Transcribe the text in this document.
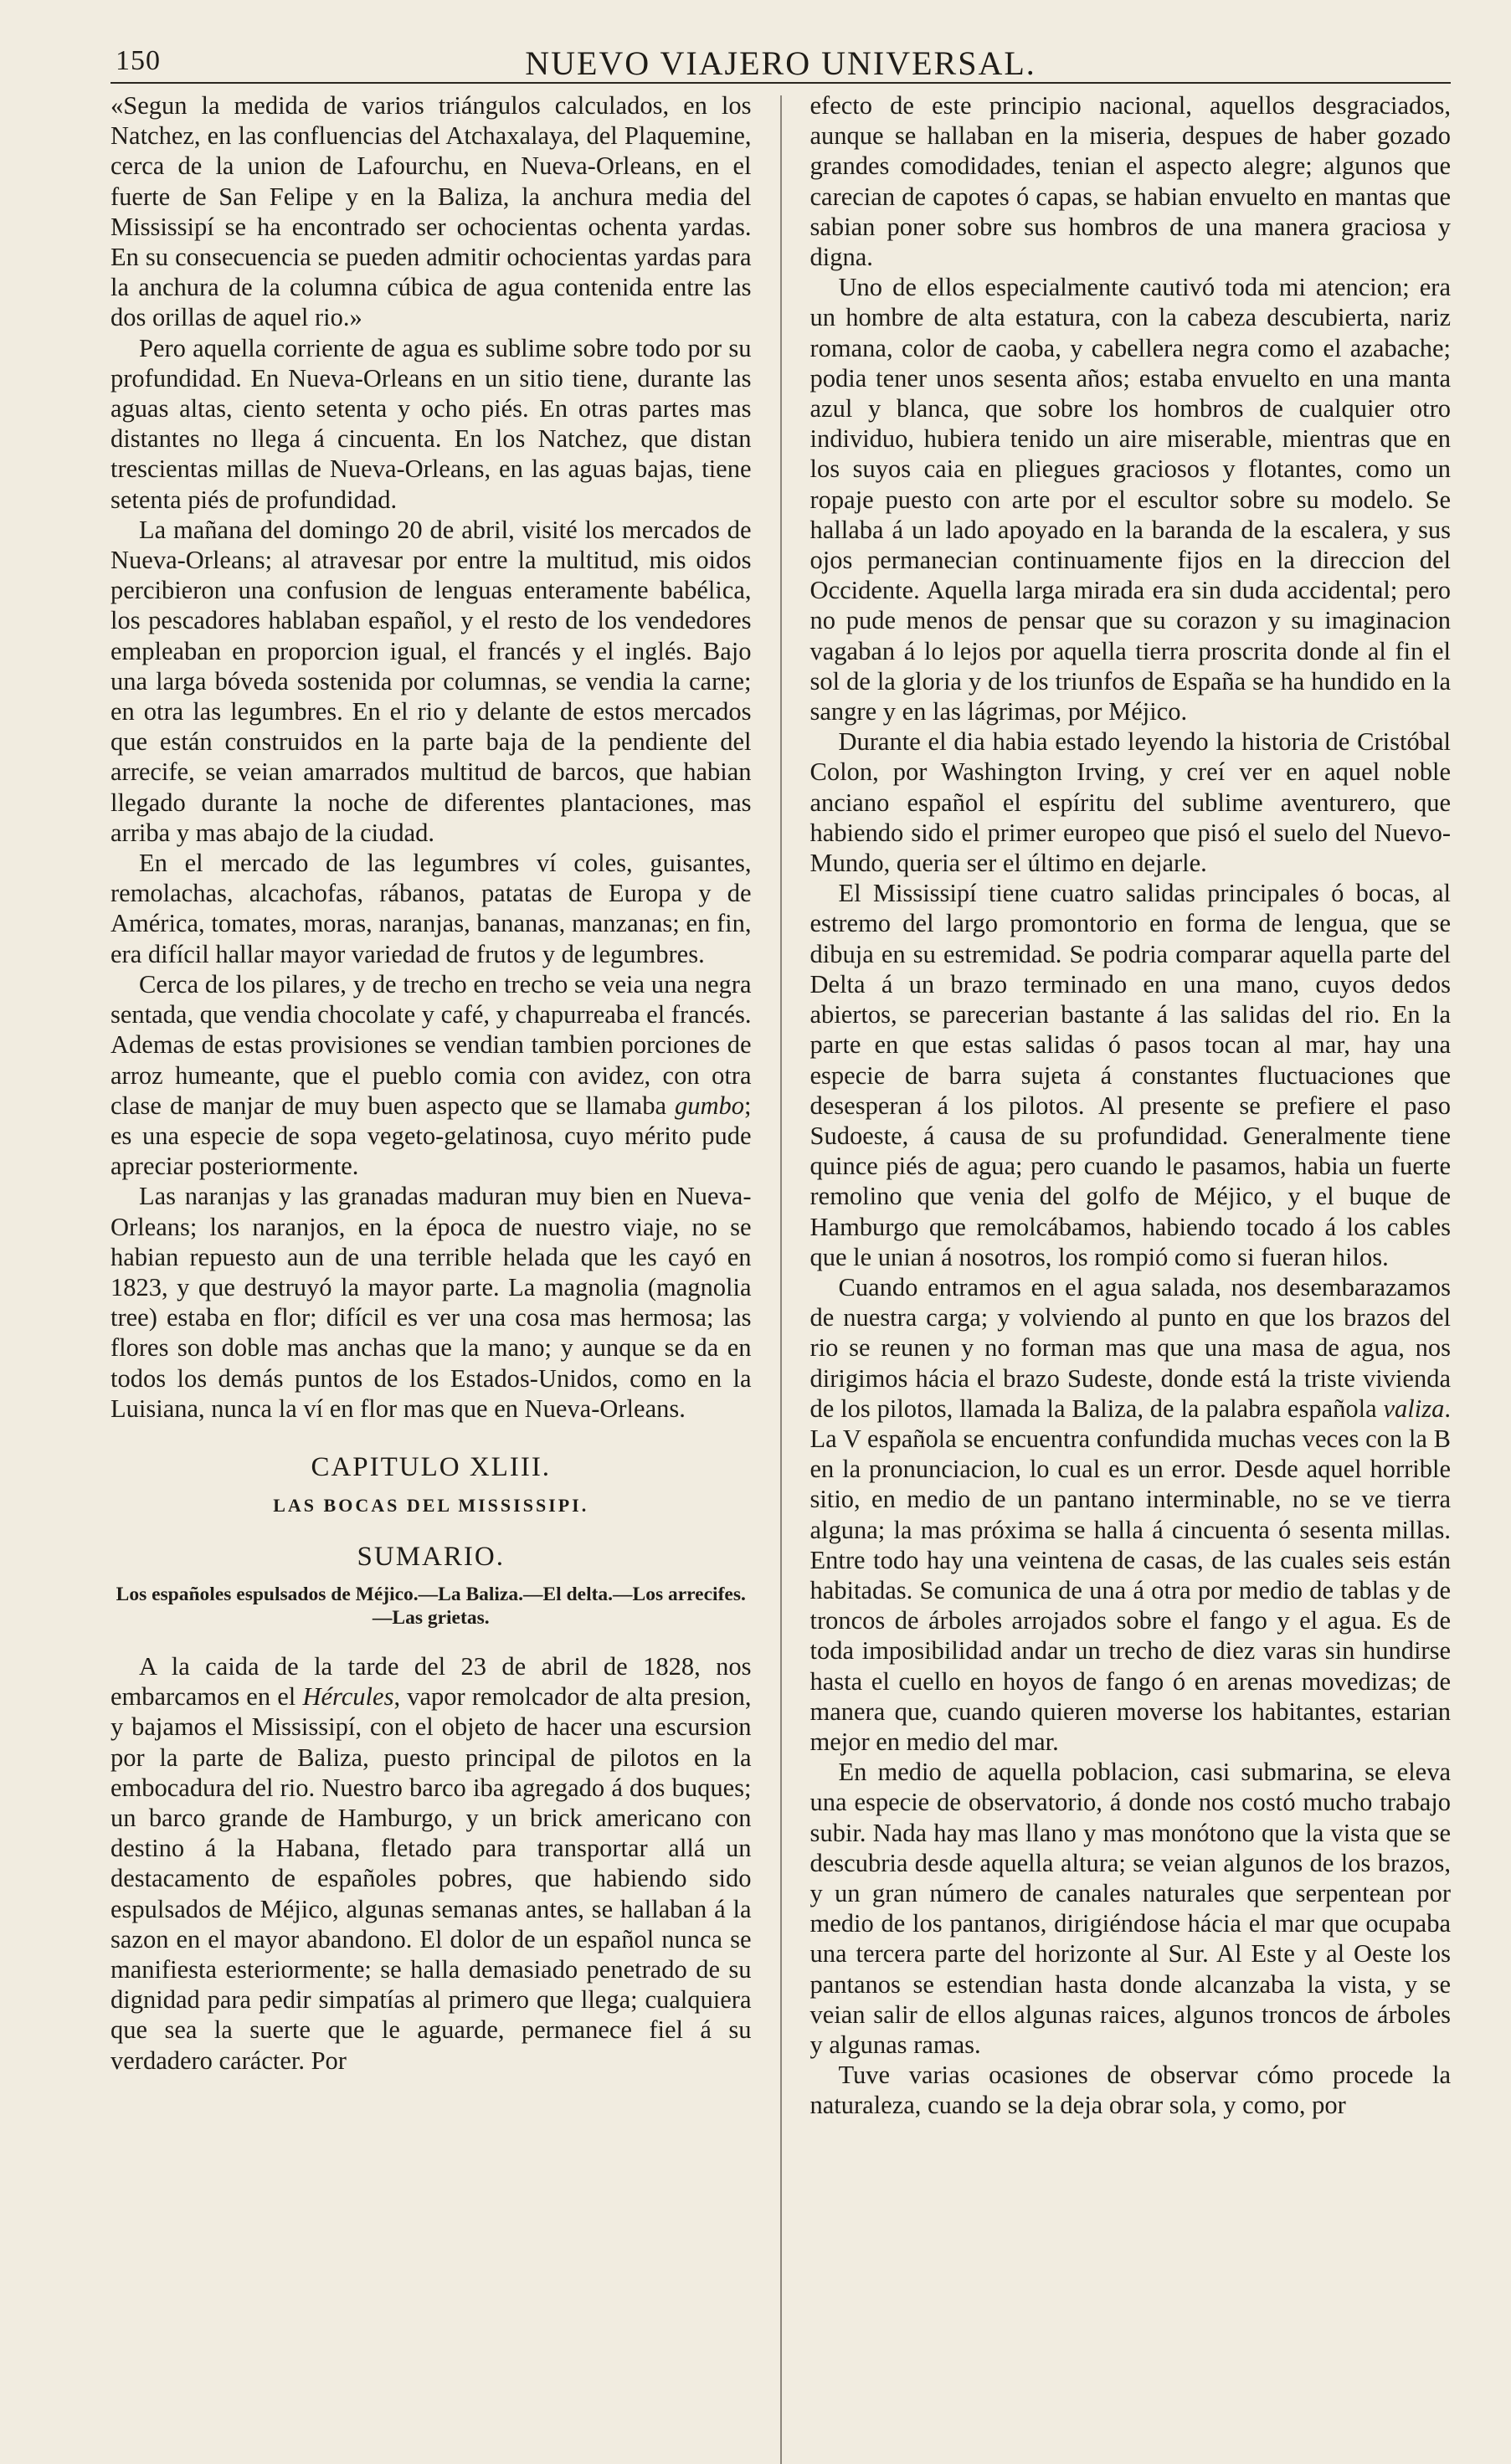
150	NUEVO VIAJERO UNIVERSAL.

«Segun la medida de varios triángulos calculados, en los Natchez, en las confluencias del Atchaxalaya, del Plaquemine, cerca de la union de Lafourchu, en Nueva-Orleans, en el fuerte de San Felipe y en la Baliza, la anchura media del Mississipí se ha encontrado ser ochocientas ochenta yardas. En su consecuencia se pueden admitir ochocientas yardas para la anchura de la columna cúbica de agua contenida entre las dos orillas de aquel rio.»

Pero aquella corriente de agua es sublime sobre todo por su profundidad. En Nueva-Orleans en un sitio tiene, durante las aguas altas, ciento setenta y ocho piés. En otras partes mas distantes no llega á cincuenta. En los Natchez, que distan trescientas millas de Nueva-Orleans, en las aguas bajas, tiene setenta piés de profundidad.

La mañana del domingo 20 de abril, visité los mercados de Nueva-Orleans; al atravesar por entre la multitud, mis oidos percibieron una confusion de lenguas enteramente babélica, los pescadores hablaban español, y el resto de los vendedores empleaban en proporcion igual, el francés y el inglés. Bajo una larga bóveda sostenida por columnas, se vendia la carne; en otra las legumbres. En el rio y delante de estos mercados que están construidos en la parte baja de la pendiente del arrecife, se veian amarrados multitud de barcos, que habian llegado durante la noche de diferentes plantaciones, mas arriba y mas abajo de la ciudad.

En el mercado de las legumbres ví coles, guisantes, remolachas, alcachofas, rábanos, patatas de Europa y de América, tomates, moras, naranjas, bananas, manzanas; en fin, era difícil hallar mayor variedad de frutos y de legumbres.

Cerca de los pilares, y de trecho en trecho se veia una negra sentada, que vendia chocolate y café, y chapurreaba el francés. Ademas de estas provisiones se vendian tambien porciones de arroz humeante, que el pueblo comia con avidez, con otra clase de manjar de muy buen aspecto que se llamaba gumbo; es una especie de sopa vegeto-gelatinosa, cuyo mérito pude apreciar posteriormente.

Las naranjas y las granadas maduran muy bien en Nueva-Orleans; los naranjos, en la época de nuestro viaje, no se habian repuesto aun de una terrible helada que les cayó en 1823, y que destruyó la mayor parte. La magnolia (magnolia tree) estaba en flor; difícil es ver una cosa mas hermosa; las flores son doble mas anchas que la mano; y aunque se da en todos los demás puntos de los Estados-Unidos, como en la Luisiana, nunca la ví en flor mas que en Nueva-Orleans.

CAPITULO XLIII.
LAS BOCAS DEL MISSISSIPI.
SUMARIO.

Los españoles espulsados de Méjico.—La Baliza.—El delta.—Los arrecifes.—Las grietas.

A la caida de la tarde del 23 de abril de 1828, nos embarcamos en el Hércules, vapor remolcador de alta presion, y bajamos el Mississipí, con el objeto de hacer una escursion por la parte de Baliza, puesto principal de pilotos en la embocadura del rio. Nuestro barco iba agregado á dos buques; un barco grande de Hamburgo, y un brick americano con destino á la Habana, fletado para transportar allá un destacamento de españoles pobres, que habiendo sido espulsados de Méjico, algunas semanas antes, se hallaban á la sazon en el mayor abandono. El dolor de un español nunca se manifiesta esteriormente; se halla demasiado penetrado de su dignidad para pedir simpatías al primero que llega; cualquiera que sea la suerte que le aguarde, permanece fiel á su verdadero carácter. Por

efecto de este principio nacional, aquellos desgraciados, aunque se hallaban en la miseria, despues de haber gozado grandes comodidades, tenian el aspecto alegre; algunos que carecian de capotes ó capas, se habian envuelto en mantas que sabian poner sobre sus hombros de una manera graciosa y digna.

Uno de ellos especialmente cautivó toda mi atencion; era un hombre de alta estatura, con la cabeza descubierta, nariz romana, color de caoba, y cabellera negra como el azabache; podia tener unos sesenta años; estaba envuelto en una manta azul y blanca, que sobre los hombros de cualquier otro individuo, hubiera tenido un aire miserable, mientras que en los suyos caia en pliegues graciosos y flotantes, como un ropaje puesto con arte por el escultor sobre su modelo. Se hallaba á un lado apoyado en la baranda de la escalera, y sus ojos permanecian continuamente fijos en la direccion del Occidente. Aquella larga mirada era sin duda accidental; pero no pude menos de pensar que su corazon y su imaginacion vagaban á lo lejos por aquella tierra proscrita donde al fin el sol de la gloria y de los triunfos de España se ha hundido en la sangre y en las lágrimas, por Méjico.

Durante el dia habia estado leyendo la historia de Cristóbal Colon, por Washington Irving, y creí ver en aquel noble anciano español el espíritu del sublime aventurero, que habiendo sido el primer europeo que pisó el suelo del Nuevo-Mundo, queria ser el último en dejarle.

El Mississipí tiene cuatro salidas principales ó bocas, al estremo del largo promontorio en forma de lengua, que se dibuja en su estremidad. Se podria comparar aquella parte del Delta á un brazo terminado en una mano, cuyos dedos abiertos, se parecerian bastante á las salidas del rio. En la parte en que estas salidas ó pasos tocan al mar, hay una especie de barra sujeta á constantes fluctuaciones que desesperan á los pilotos. Al presente se prefiere el paso Sudoeste, á causa de su profundidad. Generalmente tiene quince piés de agua; pero cuando le pasamos, habia un fuerte remolino que venia del golfo de Méjico, y el buque de Hamburgo que remolcábamos, habiendo tocado á los cables que le unian á nosotros, los rompió como si fueran hilos.

Cuando entramos en el agua salada, nos desembarazamos de nuestra carga; y volviendo al punto en que los brazos del rio se reunen y no forman mas que una masa de agua, nos dirigimos hácia el brazo Sudeste, donde está la triste vivienda de los pilotos, llamada la Baliza, de la palabra española valiza. La V española se encuentra confundida muchas veces con la B en la pronunciacion, lo cual es un error. Desde aquel horrible sitio, en medio de un pantano interminable, no se ve tierra alguna; la mas próxima se halla á cincuenta ó sesenta millas. Entre todo hay una veintena de casas, de las cuales seis están habitadas. Se comunica de una á otra por medio de tablas y de troncos de árboles arrojados sobre el fango y el agua. Es de toda imposibilidad andar un trecho de diez varas sin hundirse hasta el cuello en hoyos de fango ó en arenas movedizas; de manera que, cuando quieren moverse los habitantes, estarian mejor en medio del mar.

En medio de aquella poblacion, casi submarina, se eleva una especie de observatorio, á donde nos costó mucho trabajo subir. Nada hay mas llano y mas monótono que la vista que se descubria desde aquella altura; se veian algunos de los brazos, y un gran número de canales naturales que serpentean por medio de los pantanos, dirigiéndose hácia el mar que ocupaba una tercera parte del horizonte al Sur. Al Este y al Oeste los pantanos se estendian hasta donde alcanzaba la vista, y se veian salir de ellos algunas raices, algunos troncos de árboles y algunas ramas.

Tuve varias ocasiones de observar cómo procede la naturaleza, cuando se la deja obrar sola, y como, por
